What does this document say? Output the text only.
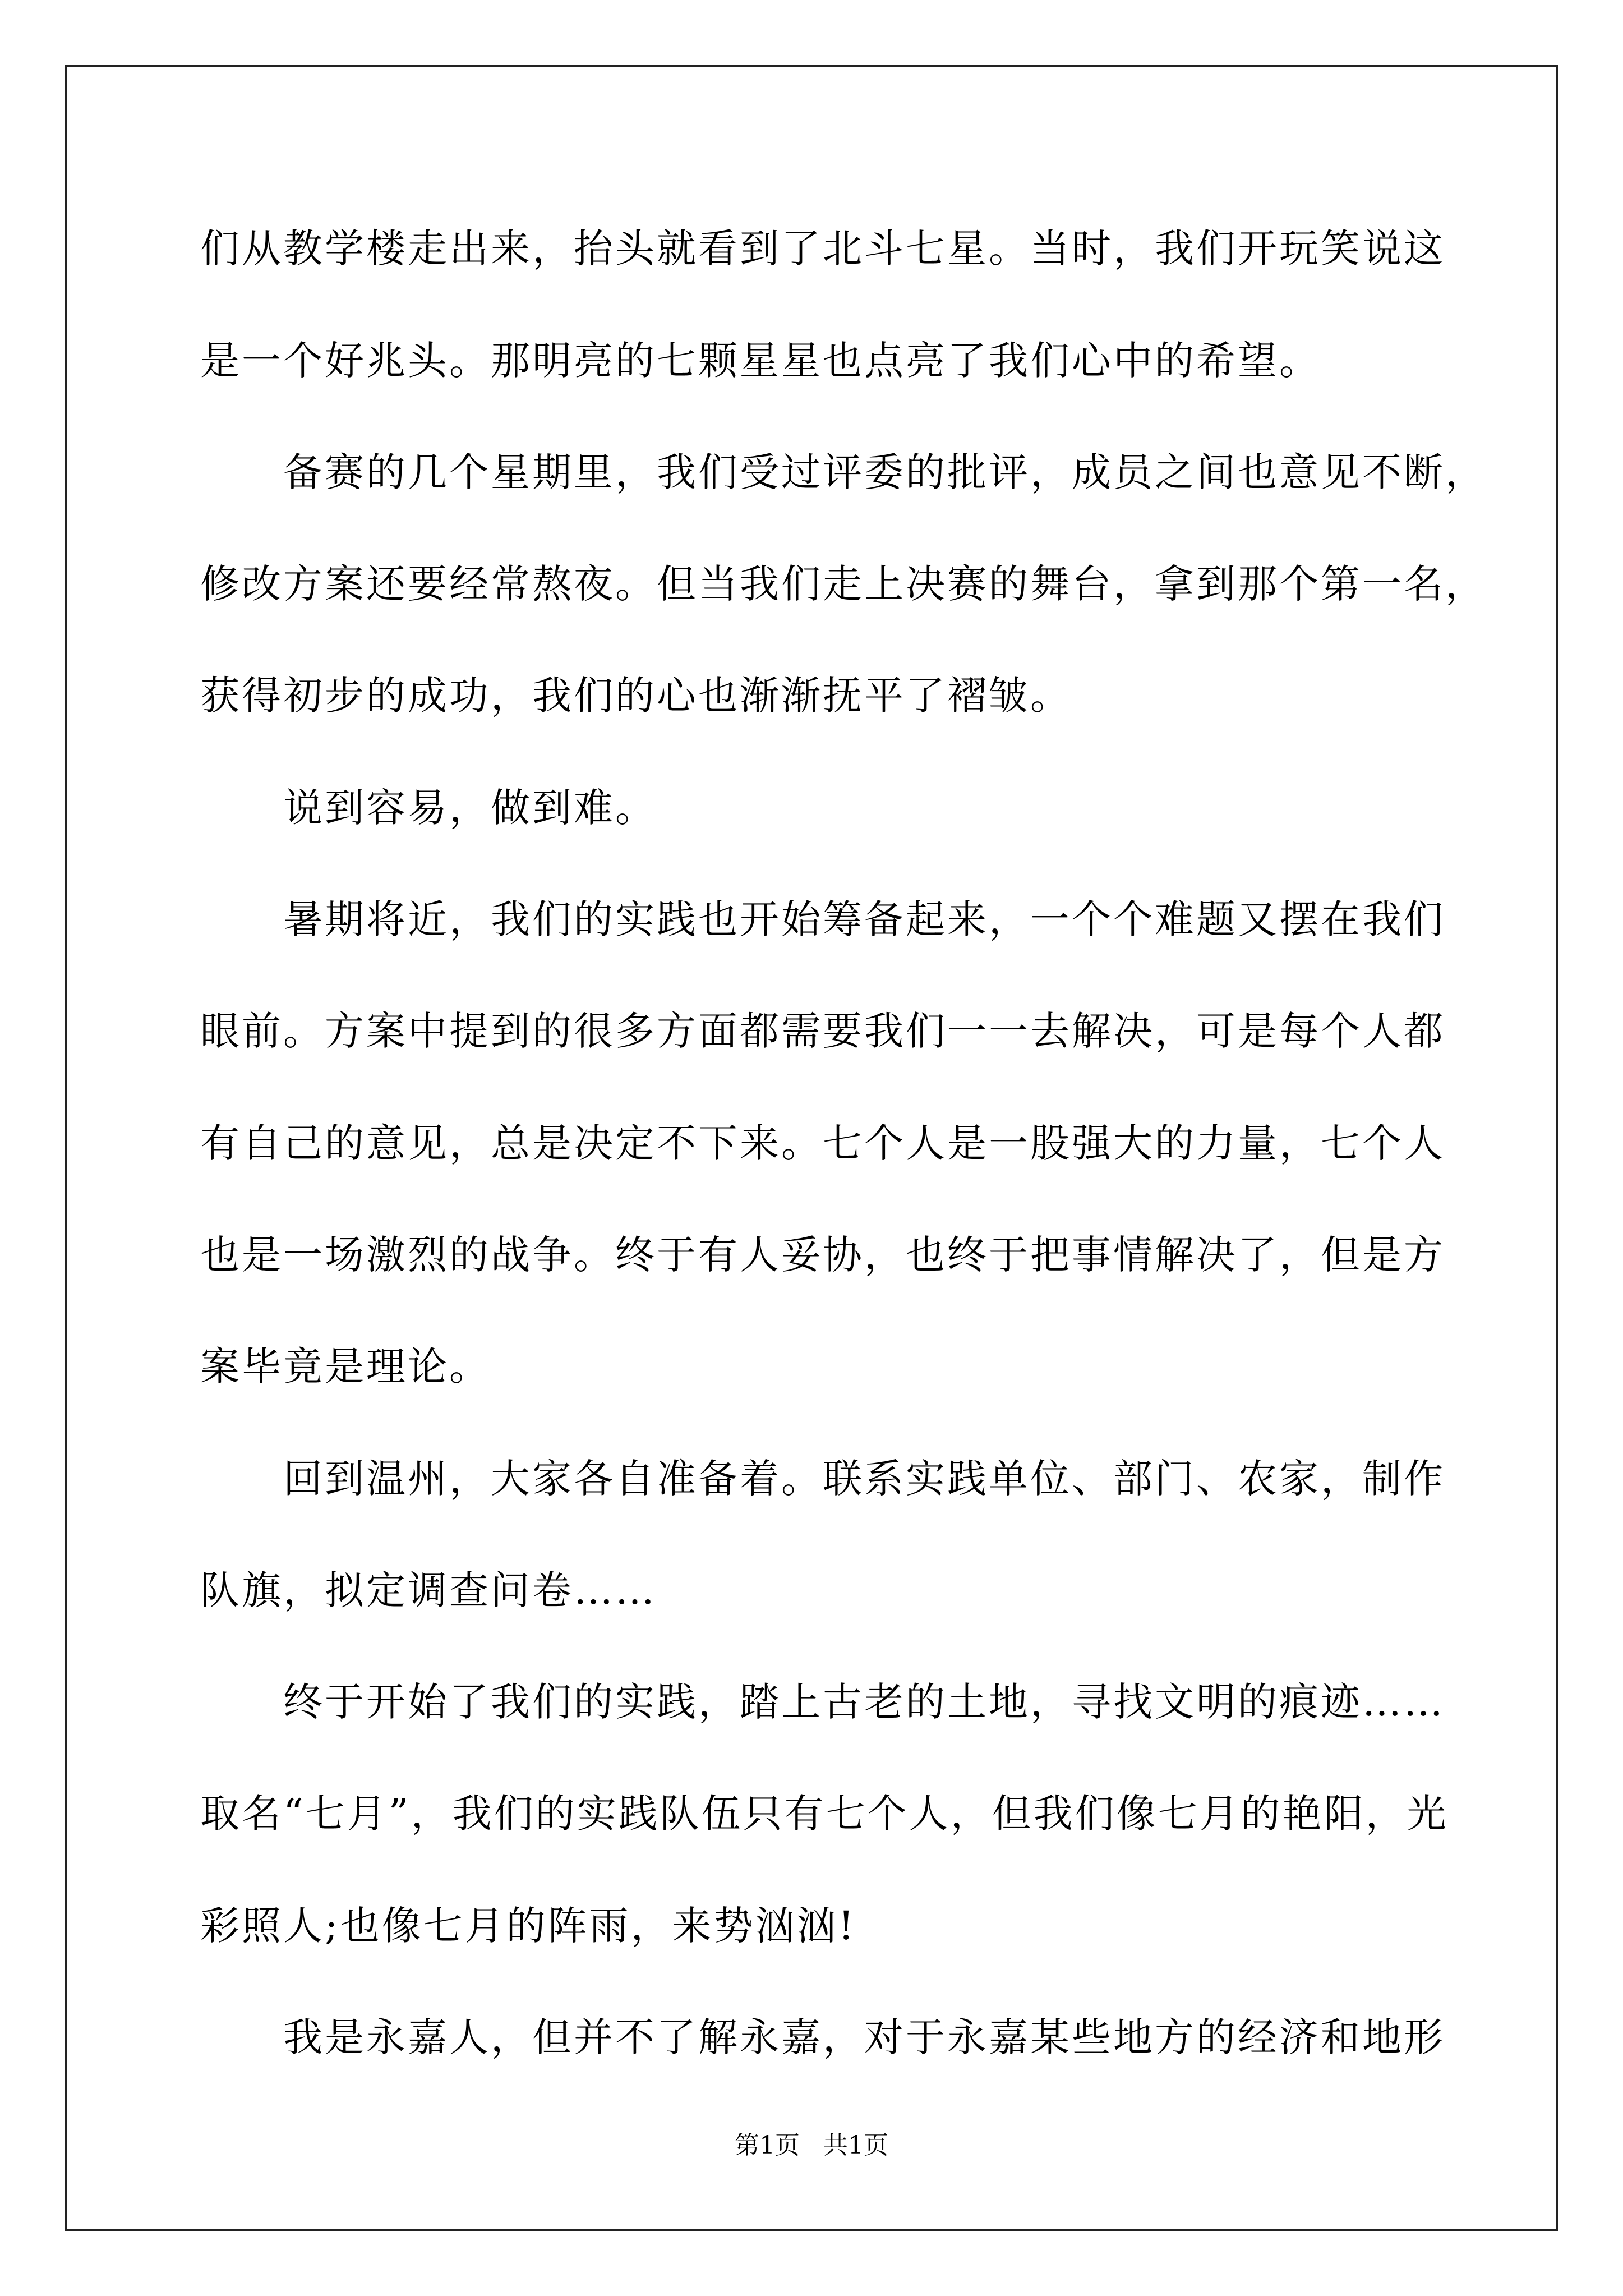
们从教学楼走出来，抬头就看到了北斗七星。当时，我们开玩笑说这
是一个好兆头。那明亮的七颗星星也点亮了我们心中的希望。
备赛的几个星期里，我们受过评委的批评，成员之间也意见不断，
修改方案还要经常熬夜。但当我们走上决赛的舞台，拿到那个第一名，
获得初步的成功，我们的心也渐渐抚平了褶皱。
说到容易，做到难。
暑期将近，我们的实践也开始筹备起来，一个个难题又摆在我们
眼前。方案中提到的很多方面都需要我们一一去解决，可是每个人都
有自己的意见，总是决定不下来。七个人是一股强大的力量，七个人
也是一场激烈的战争。终于有人妥协，也终于把事情解决了，但是方
案毕竟是理论。
回到温州，大家各自准备着。联系实践单位、部门、农家，制作
队旗，拟定调查问卷……
终于开始了我们的实践，踏上古老的土地，寻找文明的痕迹……
取名“七月”，我们的实践队伍只有七个人，但我们像七月的艳阳，光
彩照人;也像七月的阵雨，来势汹汹!
我是永嘉人，但并不了解永嘉，对于永嘉某些地方的经济和地形
第1页   共1页
